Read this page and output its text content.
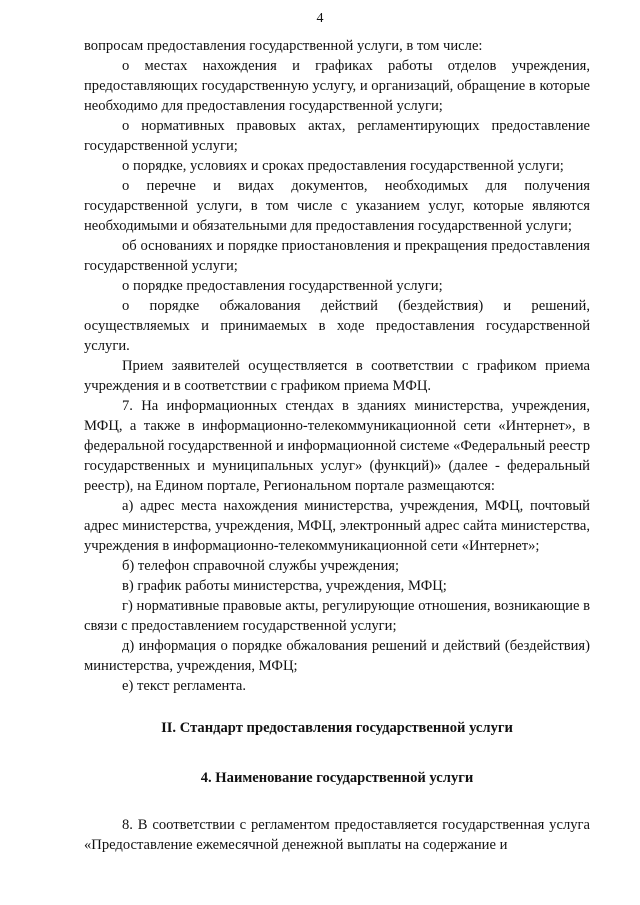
4

вопросам предоставления государственной услуги, в том числе:

о местах нахождения и графиках работы отделов учреждения, предоставляющих государственную услугу, и организаций, обращение в которые необходимо для предоставления государственной услуги;

о нормативных правовых актах, регламентирующих предоставление государственной услуги;

о порядке, условиях и сроках предоставления государственной услуги;

о перечне и видах документов, необходимых для получения государственной услуги, в том числе с указанием услуг, которые являются необходимыми и обязательными для предоставления государственной услуги;

об основаниях и порядке приостановления и прекращения предоставления государственной услуги;

о порядке предоставления государственной услуги;

о порядке обжалования действий (бездействия) и решений, осуществляемых и принимаемых в ходе предоставления государственной услуги.

Прием заявителей осуществляется в соответствии с графиком приема учреждения и в соответствии с графиком приема МФЦ.

7. На информационных стендах в зданиях министерства, учреждения, МФЦ, а также в информационно-телекоммуникационной сети «Интернет», в федеральной государственной и информационной системе «Федеральный реестр государственных и муниципальных услуг» (функций)» (далее - федеральный реестр), на Едином портале, Региональном портале размещаются:

а) адрес места нахождения министерства, учреждения, МФЦ, почтовый адрес министерства, учреждения, МФЦ, электронный адрес сайта министерства, учреждения в информационно-телекоммуникационной сети «Интернет»;

б) телефон справочной службы учреждения;

в) график работы министерства, учреждения, МФЦ;

г) нормативные правовые акты, регулирующие отношения, возникающие в связи с предоставлением государственной услуги;

д) информация о порядке обжалования решений и действий (бездействия) министерства, учреждения, МФЦ;

е) текст регламента.

II. Стандарт предоставления государственной услуги

4. Наименование государственной услуги

8. В соответствии с регламентом предоставляется государственная услуга «Предоставление ежемесячной денежной выплаты на содержание и
